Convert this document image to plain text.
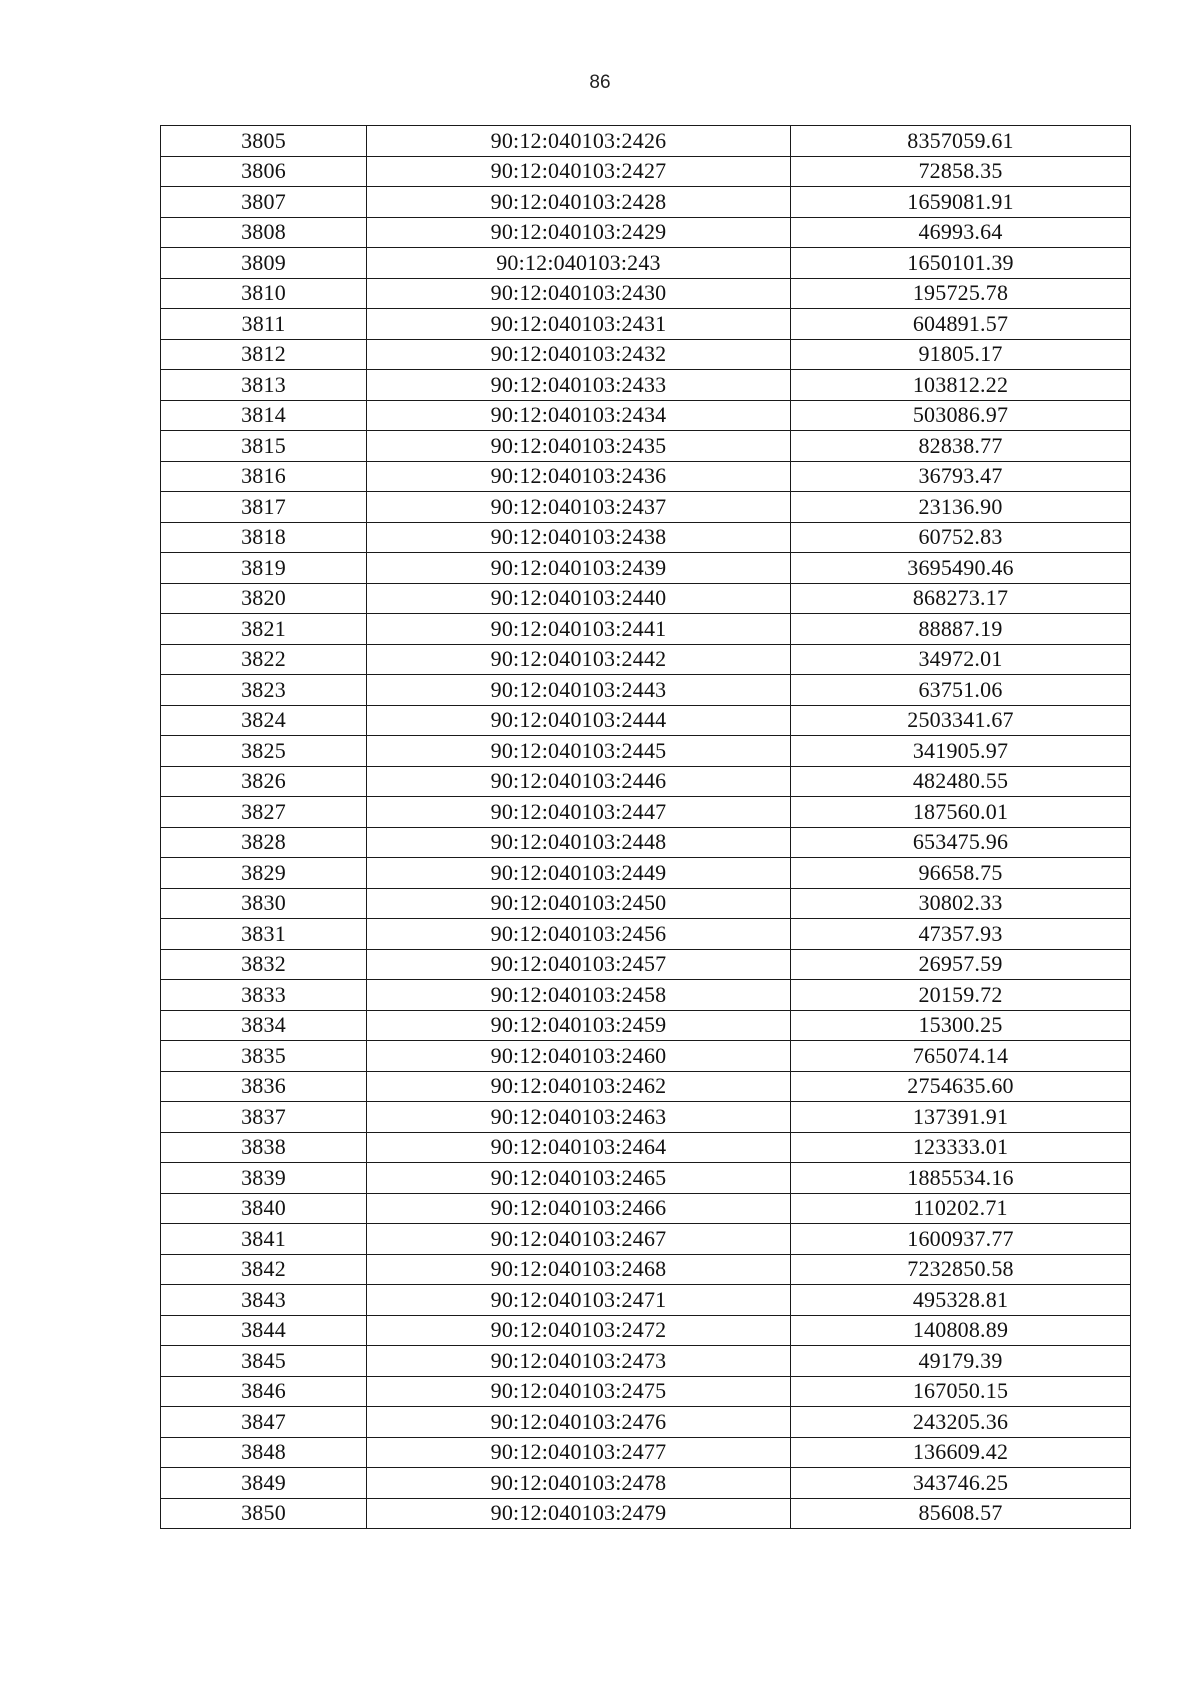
86
3805	90:12:040103:2426	8357059.61
3806	90:12:040103:2427	72858.35
3807	90:12:040103:2428	1659081.91
3808	90:12:040103:2429	46993.64
3809	90:12:040103:243	1650101.39
3810	90:12:040103:2430	195725.78
3811	90:12:040103:2431	604891.57
3812	90:12:040103:2432	91805.17
3813	90:12:040103:2433	103812.22
3814	90:12:040103:2434	503086.97
3815	90:12:040103:2435	82838.77
3816	90:12:040103:2436	36793.47
3817	90:12:040103:2437	23136.90
3818	90:12:040103:2438	60752.83
3819	90:12:040103:2439	3695490.46
3820	90:12:040103:2440	868273.17
3821	90:12:040103:2441	88887.19
3822	90:12:040103:2442	34972.01
3823	90:12:040103:2443	63751.06
3824	90:12:040103:2444	2503341.67
3825	90:12:040103:2445	341905.97
3826	90:12:040103:2446	482480.55
3827	90:12:040103:2447	187560.01
3828	90:12:040103:2448	653475.96
3829	90:12:040103:2449	96658.75
3830	90:12:040103:2450	30802.33
3831	90:12:040103:2456	47357.93
3832	90:12:040103:2457	26957.59
3833	90:12:040103:2458	20159.72
3834	90:12:040103:2459	15300.25
3835	90:12:040103:2460	765074.14
3836	90:12:040103:2462	2754635.60
3837	90:12:040103:2463	137391.91
3838	90:12:040103:2464	123333.01
3839	90:12:040103:2465	1885534.16
3840	90:12:040103:2466	110202.71
3841	90:12:040103:2467	1600937.77
3842	90:12:040103:2468	7232850.58
3843	90:12:040103:2471	495328.81
3844	90:12:040103:2472	140808.89
3845	90:12:040103:2473	49179.39
3846	90:12:040103:2475	167050.15
3847	90:12:040103:2476	243205.36
3848	90:12:040103:2477	136609.42
3849	90:12:040103:2478	343746.25
3850	90:12:040103:2479	85608.57
